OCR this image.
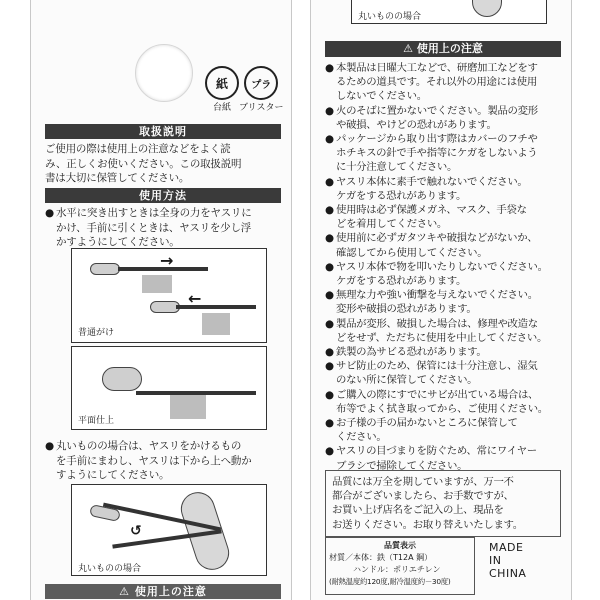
紙
台紙
プラ
ブリスター
取扱説明
ご使用の際は使用上の注意などをよく読
み、正しくお使いください。この取扱説明
書は大切に保管してください。
使用方法
● 水平に突き出すときは全身の力をヤスリに
かけ、手前に引くときは、ヤスリを少し浮
かすようにしてください。
→
←
普通がけ
平面仕上
● 丸いものの場合は、ヤスリをかけるもの
を手前にまわし、ヤスリは下から上へ動か
すようにしてください。
↺
丸いものの場合
⚠ 使用上の注意
丸いものの場合
⚠ 使用上の注意
● 本製品は日曜大工などで、研磨加工などをす
るための道具です。それ以外の用途には使用
しないでください。
● 火のそばに置かないでください。製品の変形
や破損、やけどの恐れがあります。
● パッケージから取り出す際はカバーのフチや
ホチキスの針で手や指等にケガをしないよう
に十分注意してください。
● ヤスリ本体に素手で触れないでください。
ケガをする恐れがあります。
● 使用時は必ず保護メガネ、マスク、手袋な
どを着用してください。
● 使用前に必ずガタツキや破損などがないか、
確認してから使用してください。
● ヤスリ本体で物を叩いたりしないでください。
ケガをする恐れがあります。
● 無理な力や強い衝撃を与えないでください。
変形や破損の恐れがあります。
● 製品が変形、破損した場合は、修理や改造な
どをせず、ただちに使用を中止してください。
● 鉄製の為サビる恐れがあります。
● サビ防止のため、保管には十分注意し、湿気
のない所に保管してください。
● ご購入の際にすでにサビが出ている場合は、
布等でよく拭き取ってから、ご使用ください。
● お子様の手の届かないところに保管して
ください。
● ヤスリの目づまりを防ぐため、常にワイヤー
ブラシで掃除してください。
品質には万全を期していますが、万一不
都合がございましたら、お手数ですが、
お買い上げ店名をご記入の上、現品を
お送りください。お取り替えいたします。
品質表示
材質／本体：鉄（T12A 鋼）
ハンドル：ポリエチレン
(耐熱温度約120度,耐冷温度約－30度)
MADE
IN
CHINA
